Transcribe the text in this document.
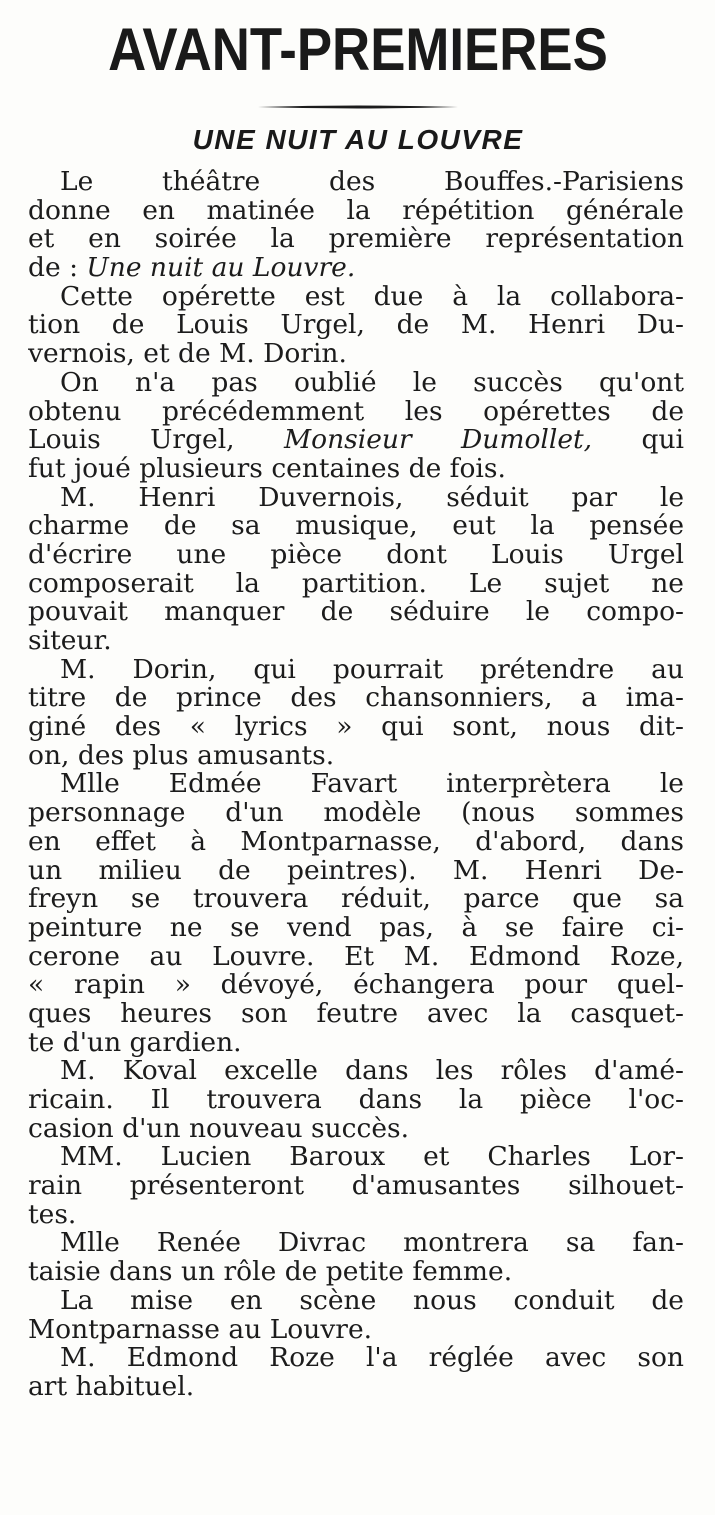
AVANT-PREMIERES
UNE NUIT AU LOUVRE
Le théâtre des Bouffes.-Parisiens
donne en matinée la répétition générale
et en soirée la première représentation
de : Une nuit au Louvre.
Cette opérette est due à la collabora-
tion de Louis Urgel, de M. Henri Du-
vernois, et de M. Dorin.
On n'a pas oublié le succès qu'ont
obtenu précédemment les opérettes de
Louis Urgel, Monsieur Dumollet, qui
fut joué plusieurs centaines de fois.
M. Henri Duvernois, séduit par le
charme de sa musique, eut la pensée
d'écrire une pièce dont Louis Urgel
composerait la partition. Le sujet ne
pouvait manquer de séduire le compo-
siteur.
M. Dorin, qui pourrait prétendre au
titre de prince des chansonniers, a ima-
giné des « lyrics » qui sont, nous dit-
on, des plus amusants.
Mlle Edmée Favart interprètera le
personnage d'un modèle (nous sommes
en effet à Montparnasse, d'abord, dans
un milieu de peintres). M. Henri De-
freyn se trouvera réduit, parce que sa
peinture ne se vend pas, à se faire ci-
cerone au Louvre. Et M. Edmond Roze,
« rapin » dévoyé, échangera pour quel-
ques heures son feutre avec la casquet-
te d'un gardien.
M. Koval excelle dans les rôles d'amé-
ricain. Il trouvera dans la pièce l'oc-
casion d'un nouveau succès.
MM. Lucien Baroux et Charles Lor-
rain présenteront d'amusantes silhouet-
tes.
Mlle Renée Divrac montrera sa fan-
taisie dans un rôle de petite femme.
La mise en scène nous conduit de
Montparnasse au Louvre.
M. Edmond Roze l'a réglée avec son
art habituel.
